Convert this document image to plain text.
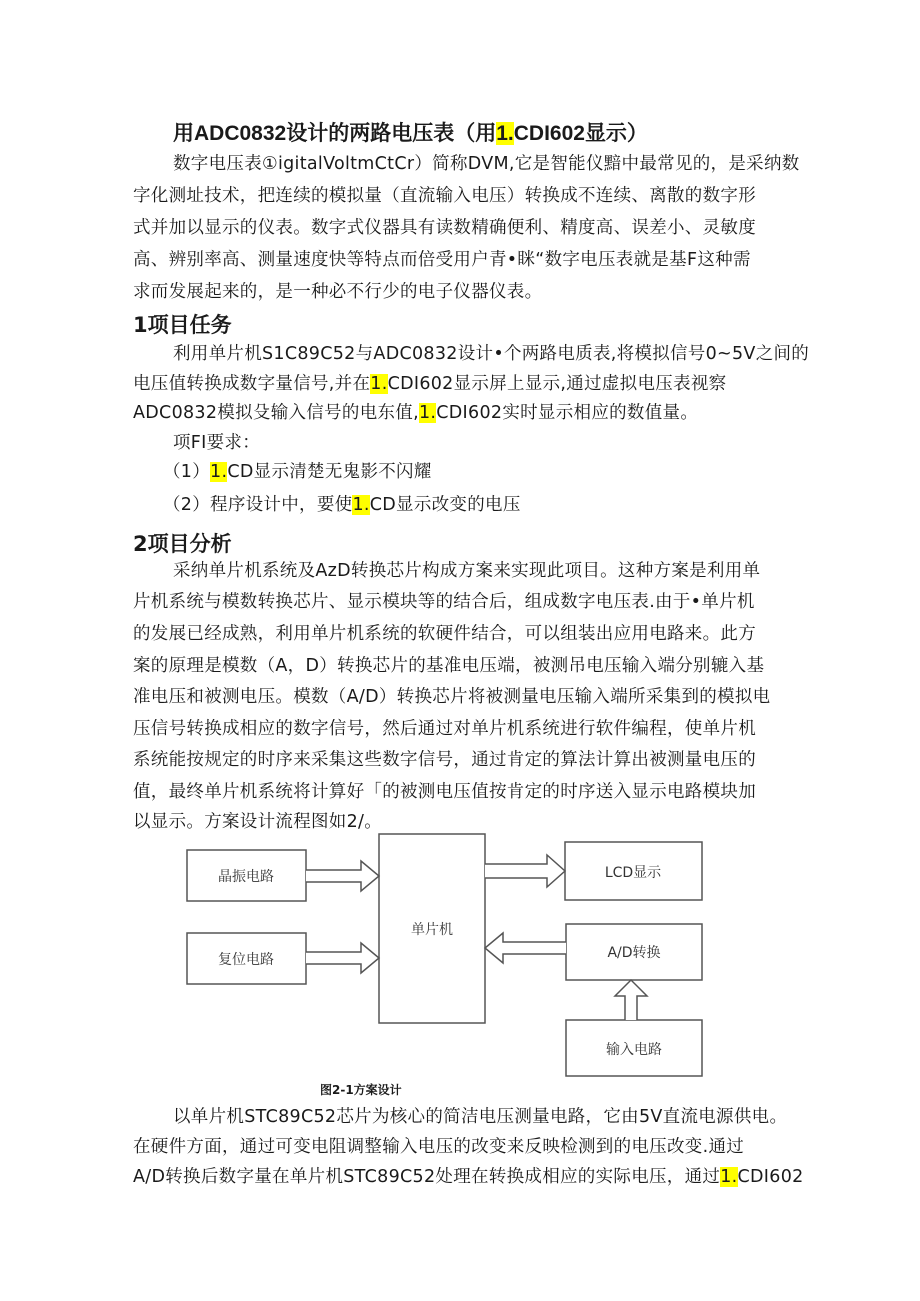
用ADC0832设计的两路电压表（用1.CDI602显示）
数字电压表①igitalVoltmCtCr）简称DVM,它是智能仪黯中最常见的，是采纳数
字化测址技术，把连续的模拟量（直流输入电压）转换成不连续、离散的数字形
式并加以显示的仪表。数字式仪器具有读数精确便利、精度高、误差小、灵敏度
高、辨别率高、测量速度快等特点而倍受用户青•眯“数字电压表就是基F这种需
求而发展起来的，是一种必不行少的电子仪器仪表。
1项目任务
利用单片机S1C89C52与ADC0832设计•个两路电质表,将模拟信号0~5V之间的
电压值转换成数字量信号,并在1.CDI602显示屏上显示,通过虚拟电压表视察
ADC0832模拟殳输入信号的电东值,1.CDI602实时显示相应的数值量。
项FI要求：
（1）1.CD显示清楚无鬼影不闪耀
（2）程序设计中，要使1.CD显示改变的电压
2项目分析
采纳单片机系统及AzD转换芯片构成方案来实现此项目。这种方案是利用单
片机系统与模数转换芯片、显示模块等的结合后，组成数字电压表.由于•单片机
的发展已经成熟，利用单片机系统的软硬件结合，可以组装出应用电路来。此方
案的原理是模数（A，D）转换芯片的基准电压端，被测吊电压输入端分别辘入基
准电压和被测电压。模数（A/D）转换芯片将被测量电压输入端所采集到的模拟电
压信号转换成相应的数字信号，然后通过对单片机系统进行软件编程，使单片机
系统能按规定的时序来采集这些数字信号，通过肯定的算法计算出被测量电压的
值，最终单片机系统将计算好「的被测电压值按肯定的时序送入显示电路模块加
以显示。方案设计流程图如2/。
晶振电路
复位电路
单片机
LCD显示
A/D转换
输入电路
图2-1方案设计
以单片机STC89C52芯片为核心的简洁电压测量电路，它由5V直流电源供电。
在硬件方面，通过可变电阻调整输入电压的改变来反映检测到的电压改变.通过
A/D转换后数字量在单片机STC89C52处理在转换成相应的实际电压，通过1.CDI602
